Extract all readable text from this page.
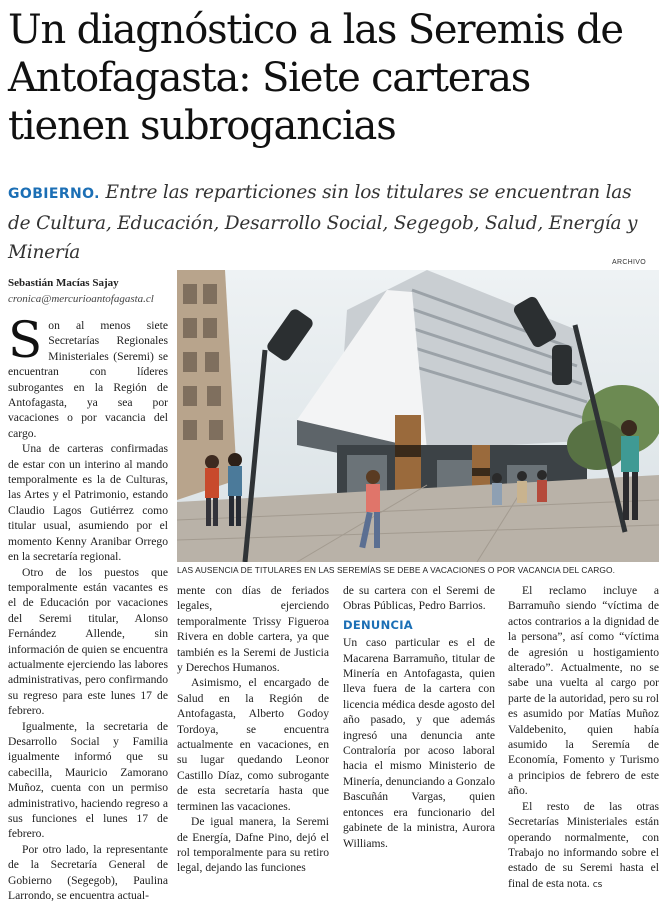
Un diagnóstico a las Seremis de Antofagasta: Siete carteras tienen subrogancias
GOBIERNO. Entre las reparticiones sin los titulares se encuentran las de Cultura, Educación, Desarrollo Social, Segegob, Salud, Energía y Minería
Sebastián Macías Sajay
cronica@mercurioantofagasta.cl
ARCHIVO
LAS AUSENCIA DE TITULARES EN LAS SEREMÍAS SE DEBE A VACACIONES O POR VACANCIA DEL CARGO.

Son al menos siete Secretarías Regionales Ministeriales (Seremi) se encuentran con líderes subrogantes en la Región de Antofagasta, ya sea por vacaciones o por vacancia del cargo.

Una de carteras confirmadas de estar con un interino al mando temporalmente es la de Culturas, las Artes y el Patrimonio, estando Claudio Lagos Gutiérrez como titular usual, asumiendo por el momento Kenny Aranibar Orrego en la secretaría regional.

Otro de los puestos que temporalmente están vacantes es el de Educación por vacaciones del Seremi titular, Alonso Fernández Allende, sin información de quien se encuentra actualmente ejerciendo las labores administrativas, pero confirmando su regreso para este lunes 17 de febrero.

Igualmente, la secretaria de Desarrollo Social y Familia igualmente informó que su cabecilla, Mauricio Zamorano Muñoz, cuenta con un permiso administrativo, haciendo regreso a sus funciones el lunes 17 de febrero.

Por otro lado, la representante de la Secretaría General de Gobierno (Segegob), Paulina Larrondo, se encuentra actual-

mente con días de feriados legales, ejerciendo temporalmente Trissy Figueroa Rivera en doble cartera, ya que también es la Seremi de Justicia y Derechos Humanos.

Asimismo, el encargado de Salud en la Región de Antofagasta, Alberto Godoy Tordoya, se encuentra actualmente en vacaciones, en su lugar quedando Leonor Castillo Díaz, como subrogante de esta secretaría hasta que terminen las vacaciones.

De igual manera, la Seremi de Energía, Dafne Pino, dejó el rol temporalmente para su retiro legal, dejando las funciones

de su cartera con el Seremi de Obras Públicas, Pedro Barrios.

DENUNCIA

Un caso particular es el de Macarena Barramuño, titular de Minería en Antofagasta, quien lleva fuera de la cartera con licencia médica desde agosto del año pasado, y que además ingresó una denuncia ante Contraloría por acoso laboral hacia el mismo Ministerio de Minería, denunciando a Gonzalo Bascuñán Vargas, quien entonces era funcionario del gabinete de la ministra, Aurora Williams.

El reclamo incluye a Barramuño siendo “víctima de actos contrarios a la dignidad de la persona”, así como “víctima de agresión u hostigamiento alterado”. Actualmente, no se sabe una vuelta al cargo por parte de la autoridad, pero su rol es asumido por Matías Muñoz Valdebenito, quien había asumido la Seremía de Economía, Fomento y Turismo a principios de febrero de este año.

El resto de las otras Secretarías Ministeriales están operando normalmente, con Trabajo no informando sobre el estado de su Seremi hasta el final de esta nota. cs
